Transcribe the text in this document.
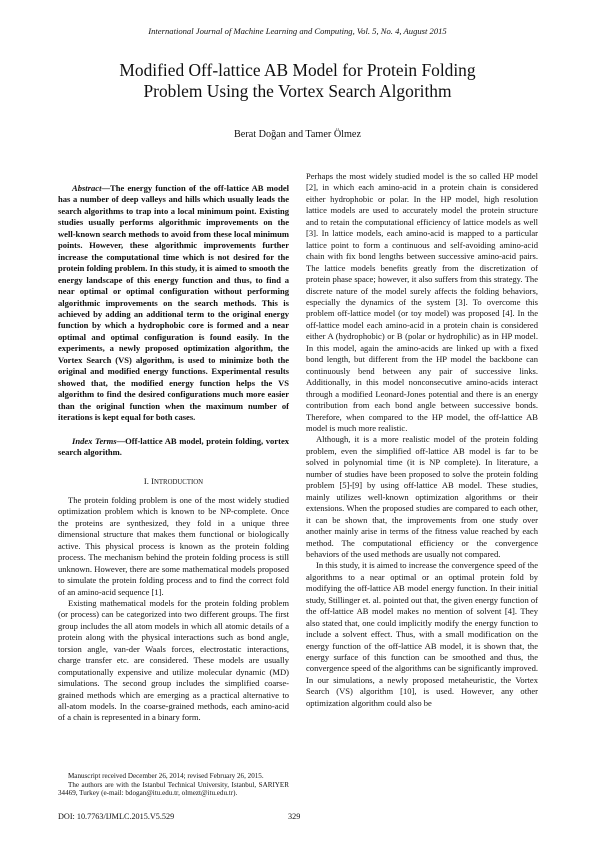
International Journal of Machine Learning and Computing, Vol. 5, No. 4, August 2015
Modified Off-lattice AB Model for Protein Folding
Problem Using the Vortex Search Algorithm
Berat Doğan and Tamer Ölmez

Abstract—The energy function of the off-lattice AB model has a number of deep valleys and hills which usually leads the search algorithms to trap into a local minimum point. Existing studies usually performs algorithmic improvements on the well-known search methods to avoid from these local minimum points. However, these algorithmic improvements further increase the computational time which is not desired for the protein folding problem. In this study, it is aimed to smooth the energy landscape of this energy function and thus, to find a near optimal or optimal configuration without performing algorithmic improvements on the search methods. This is achieved by adding an additional term to the original energy function by which a hydrophobic core is formed and a near optimal and optimal configuration is found easily. In the experiments, a newly proposed optimization algorithm, the Vortex Search (VS) algorithm, is used to minimize both the original and modified energy functions. Experimental results showed that, the modified energy function helps the VS algorithm to find the desired configurations much more easier than the original function when the maximum number of iterations is kept equal for both cases.

Index Terms—Off-lattice AB model, protein folding, vortex search algorithm.

I. INTRODUCTION

The protein folding problem is one of the most widely studied optimization problem which is known to be NP-complete. Once the proteins are synthesized, they fold in a unique three dimensional structure that makes them functional or biologically active. This physical process is known as the protein folding process. The mechanism behind the protein folding process is still unknown. However, there are some mathematical models proposed to simulate the protein folding process and to find the correct fold of an amino-acid sequence [1].

Existing mathematical models for the protein folding problem (or process) can be categorized into two different groups. The first group includes the all atom models in which all atomic details of a protein along with the physical interactions such as bond angle, torsion angle, van-der Waals forces, electrostatic interactions, charge transfer etc. are considered. These models are usually computationally expensive and utilize molecular dynamic (MD) simulations. The second group includes the simplified coarse-grained methods which are emerging as a practical alternative to all-atom models. In the coarse-grained methods, each amino-acid of a chain is represented in a binary form.

Perhaps the most widely studied model is the so called HP model [2], in which each amino-acid in a protein chain is considered either hydrophobic or polar. In the HP model, high resolution lattice models are used to accurately model the protein structure and to retain the computational efficiency of lattice models as well [3]. In lattice models, each amino-acid is mapped to a particular lattice point to form a continuous and self-avoiding amino-acid chain with fix bond lengths between successive amino-acid pairs. The lattice models benefits greatly from the discretization of protein phase space; however, it also suffers from this strategy. The discrete nature of the model surely affects the folding behaviors, especially the dynamics of the system [3]. To overcome this problem off-lattice model (or toy model) was proposed [4]. In the off-lattice model each amino-acid in a protein chain is considered either A (hydrophobic) or B (polar or hydrophilic) as in HP model. In this model, again the amino-acids are linked up with a fixed bond length, but different from the HP model the backbone can continuously bend between any pair of successive links. Additionally, in this model nonconsecutive amino-acids interact through a modified Leonard-Jones potential and there is an energy contribution from each bond angle between successive bonds. Therefore, when compared to the HP model, the off-lattice AB model is much more realistic.

Although, it is a more realistic model of the protein folding problem, even the simplified off-lattice AB model is far to be solved in polynomial time (it is NP complete). In literature, a number of studies have been proposed to solve the protein folding problem [5]-[9] by using off-lattice AB model. These studies, mainly utilizes well-known optimization algorithms or their extensions. When the proposed studies are compared to each other, it can be shown that, the improvements from one study over another mainly arise in terms of the fitness value reached by each method. The computational efficiency or the convergence behaviors of the used methods are usually not compared.

In this study, it is aimed to increase the convergence speed of the algorithms to a near optimal or an optimal protein fold by modifying the off-lattice AB model energy function. In their initial study, Stillinger et. al. pointed out that, the given energy function of the off-lattice AB model makes no mention of solvent [4]. They also stated that, one could implicitly modify the energy function to include a solvent effect. Thus, with a small modification on the energy function of the off-lattice AB model, it is shown that, the energy surface of this function can be smoothed and thus, the convergence speed of the algorithms can be significantly improved. In our simulations, a newly proposed metaheuristic, the Vortex Search (VS) algorithm [10], is used. However, any other optimization algorithm could also be

Manuscript received December 26, 2014; revised February 26, 2015.

The authors are with the Istanbul Technical University, Istanbul, SARIYER 34469, Turkey (e-mail: bdogan@itu.edu.tr, olmezt@itu.edu.tr).

DOI: 10.7763/IJMLC.2015.V5.529	329
